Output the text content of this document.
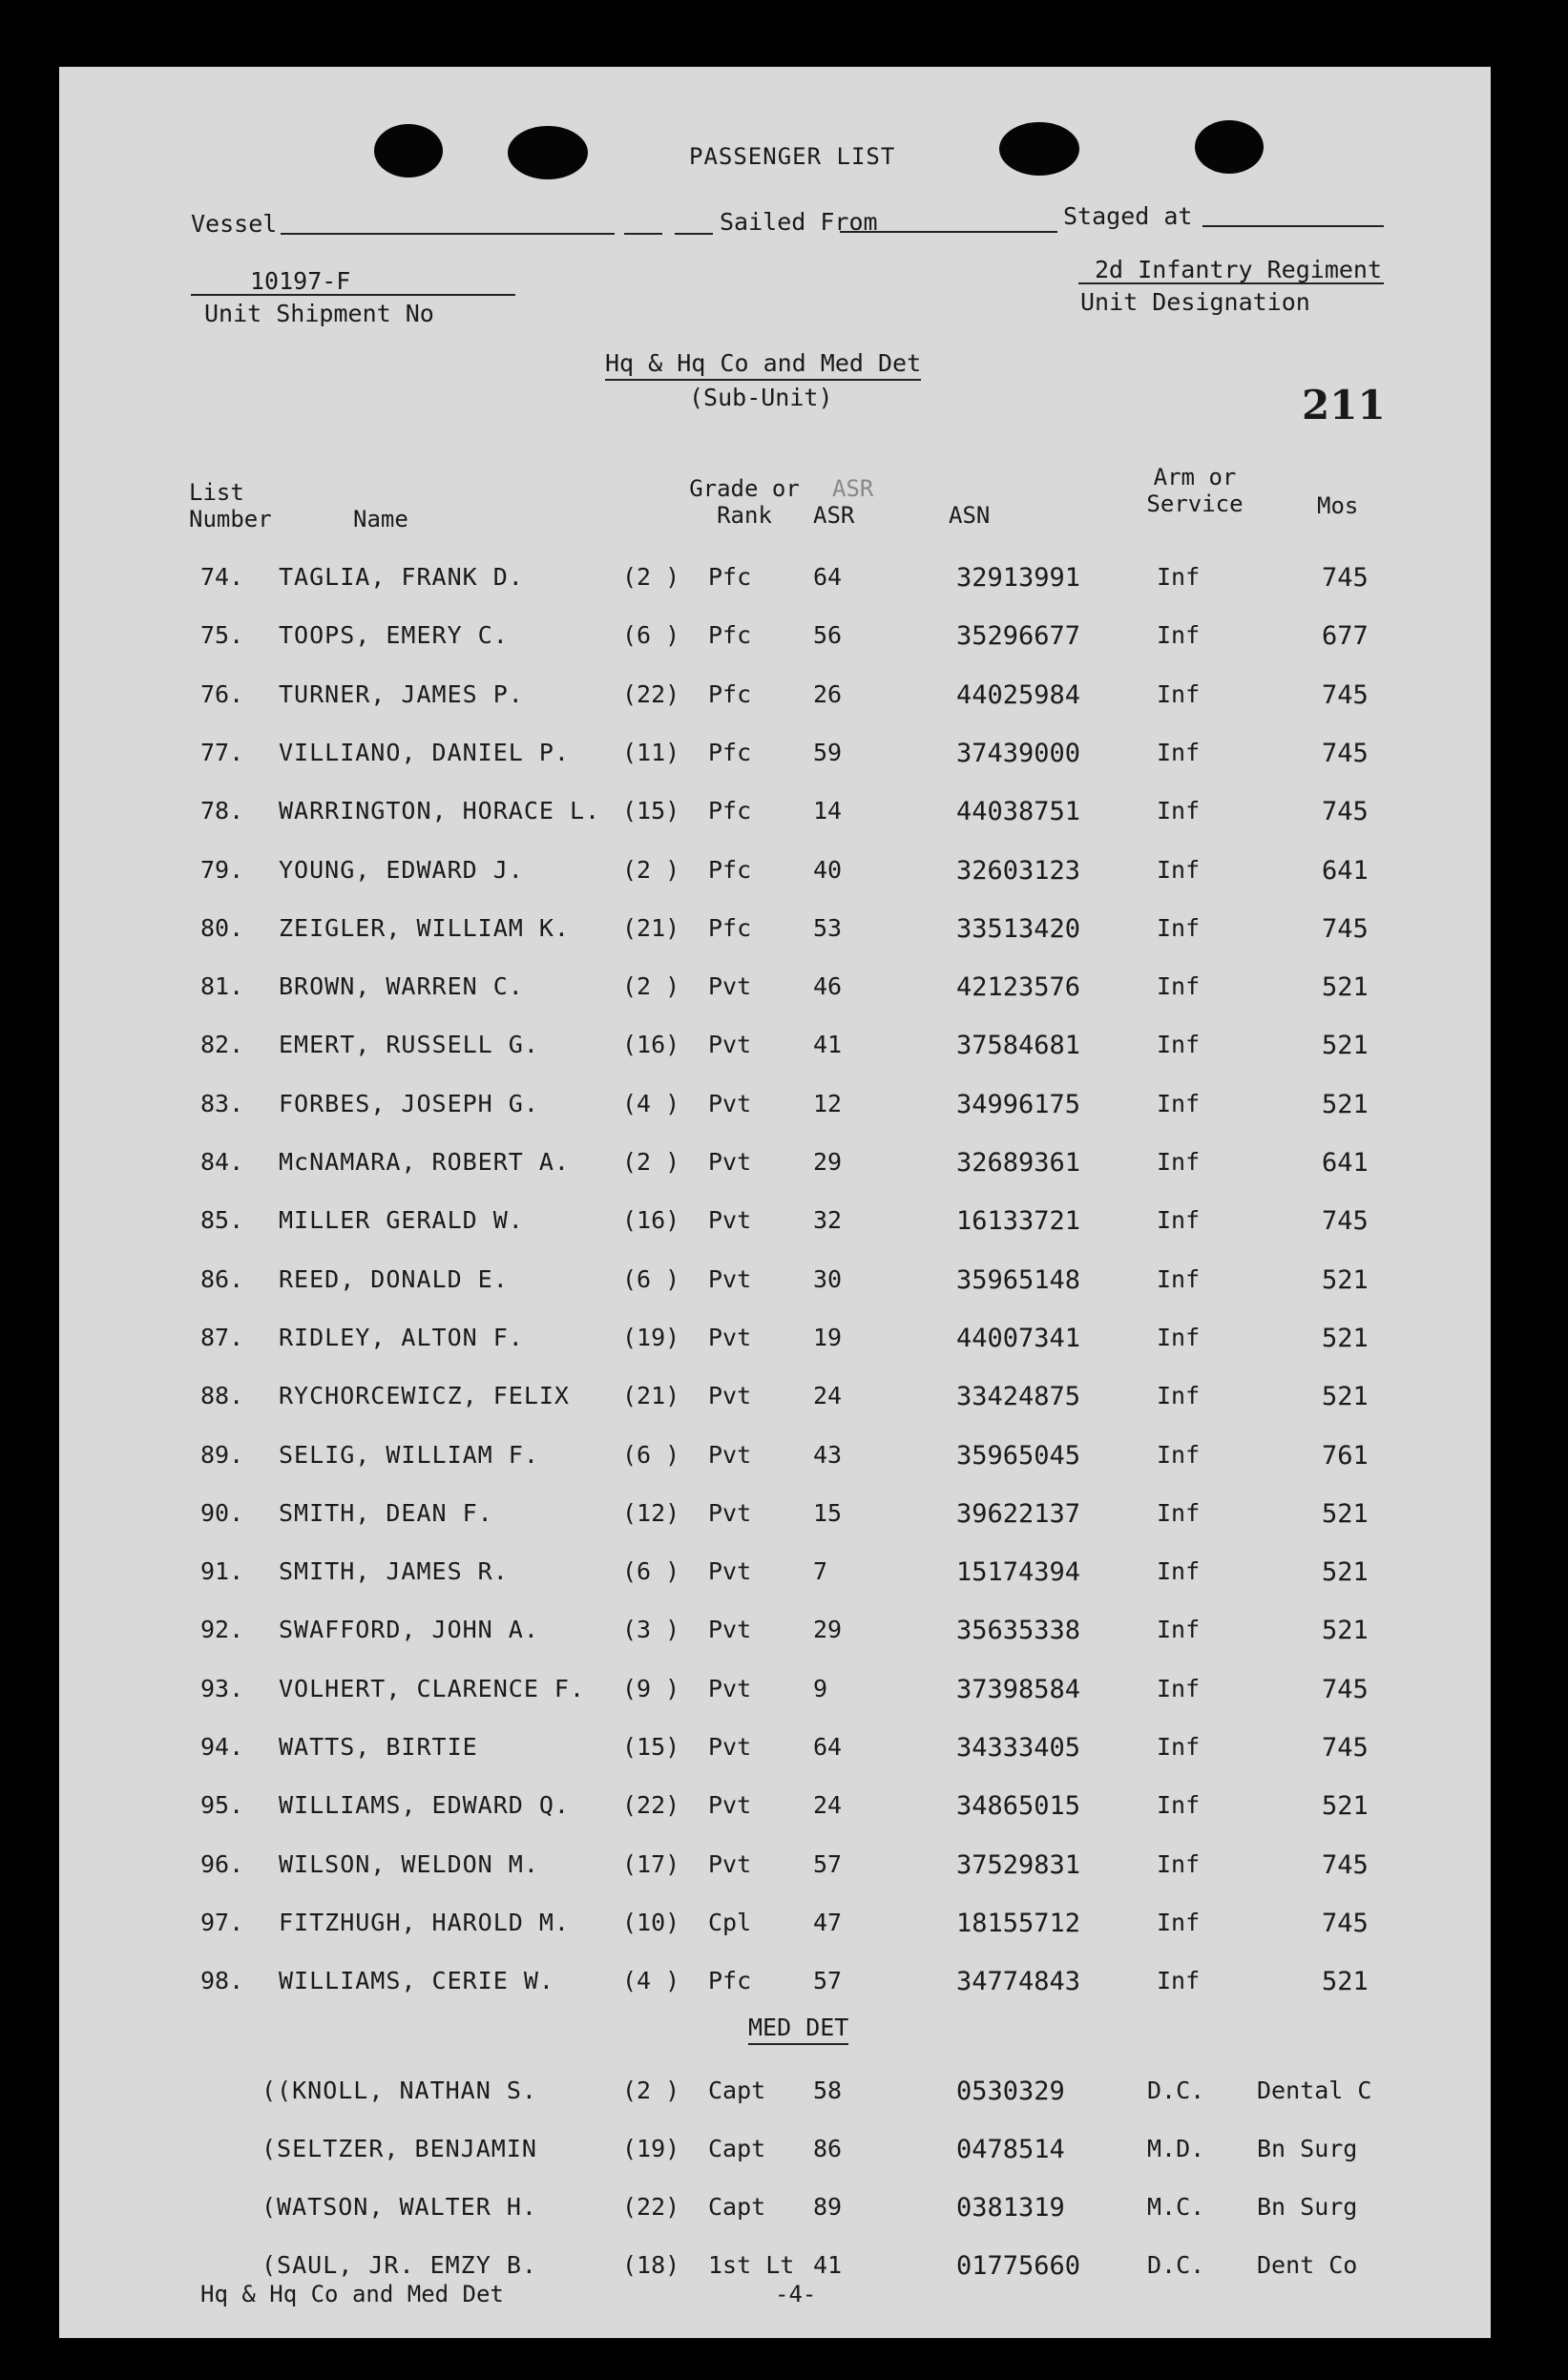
PASSENGER LIST
211
Vessel	Sailed From	Staged at
10197-F
Unit Shipment No
2d Infantry Regiment
Unit Designation
Hq & Hq Co and Med Det
(Sub-Unit)
List Number	Name
Grade or Rank
ASR
ASR	ASN
Arm or Service	Mos
74. TAGLIA, FRANK D.	(2 ) Pfc	64	32913991	Inf	745
75. TOOPS, EMERY C.	(6 ) Pfc	56	35296677	Inf	677
76. TURNER, JAMES P.	(22) Pfc	26	44025984	Inf	745
77. VILLIANO, DANIEL P. (11) Pfc	59	37439000	Inf	745
78. WARRINGTON, HORACE L. (15) Pfc	14	44038751	Inf	745
79. YOUNG, EDWARD J.	(2 ) Pfc	40	32603123	Inf	641
80. ZEIGLER, WILLIAM K. (21) Pfc	53	33513420	Inf	745
81. BROWN, WARREN C.	(2 ) Pvt	46	42123576	Inf	521
82. EMERT, RUSSELL G.	(16) Pvt	41	37584681	Inf	521
83. FORBES, JOSEPH G.	(4 ) Pvt	12	34996175	Inf	521
84. McNAMARA, ROBERT A. (2 ) Pvt	29	32689361	Inf	641
85. MILLER GERALD W.	(16) Pvt	32	16133721	Inf	745
86. REED, DONALD E.	(6 ) Pvt	30	35965148	Inf	521
87. RIDLEY, ALTON F.	(19) Pvt	19	44007341	Inf	521
88. RYCHORCEWICZ, FELIX (21) Pvt	24	33424875	Inf	521
89. SELIG, WILLIAM F.	(6 ) Pvt	43	35965045	Inf	761
90. SMITH, DEAN F.	(12) Pvt	15	39622137	Inf	521
91. SMITH, JAMES R.	(6 ) Pvt	7	15174394	Inf	521
92. SWAFFORD, JOHN A.	(3 ) Pvt	29	35635338	Inf	521
93. VOLHERT, CLARENCE F. (9 ) Pvt	9	37398584	Inf	745
94. WATTS, BIRTIE	(15) Pvt	64	34333405	Inf	745
95. WILLIAMS, EDWARD Q. (22) Pvt	24	34865015	Inf	521
96. WILSON, WELDON M.	(17) Pvt	57	37529831	Inf	745
97. FITZHUGH, HAROLD M. (10) Cpl	47	18155712	Inf	745
98. WILLIAMS, CERIE W.	(4 ) Pfc	57	34774843	Inf	521
MED DET
((KNOLL, NATHAN S.	(2 ) Capt 58	0530329	D.C. Dental C
(SELTZER, BENJAMIN	(19) Capt 86	0478514	M.D. Bn Surg
(WATSON, WALTER H.	(22) Capt 89	0381319	M.C. Bn Surg
(SAUL, JR. EMZY B.	(18) 1st Lt 41	01775660	D.C. Dent Co
Hq & Hq Co and Med Det	-4-
